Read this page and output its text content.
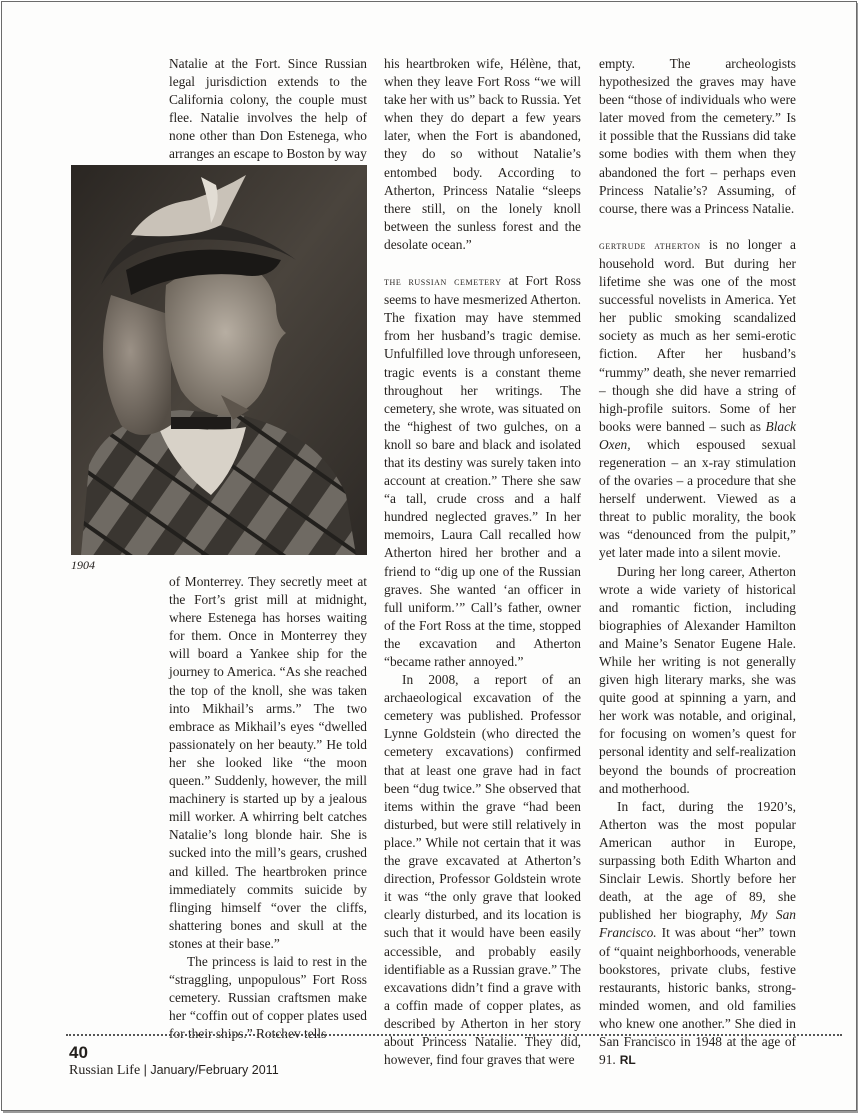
Natalie at the Fort. Since Russian legal jurisdiction extends to the California colony, the couple must flee. Natalie involves the help of none other than Don Estenega, who arranges an escape to Boston by way

1904

of Monterrey. They secretly meet at the Fort’s grist mill at midnight, where Estenega has horses waiting for them. Once in Monterrey they will board a Yankee ship for the journey to America. “As she reached the top of the knoll, she was taken into Mikhail’s arms.” The two embrace as Mikhail’s eyes “dwelled passionately on her beauty.” He told her she looked like “the moon queen.” Suddenly, however, the mill machinery is started up by a jealous mill worker. A whirring belt catches Natalie’s long blonde hair. She is sucked into the mill’s gears, crushed and killed. The heartbroken prince immediately commits suicide by flinging himself “over the cliffs, shattering bones and skull at the stones at their base.”

The princess is laid to rest in the “straggling, unpopulous” Fort Ross cemetery. Russian craftsmen make her “coffin out of copper plates used for their ships.” Rotchev tells

his heartbroken wife, Hélène, that, when they leave Fort Ross “we will take her with us” back to Russia. Yet when they do depart a few years later, when the Fort is abandoned, they do so without Natalie’s entombed body. According to Atherton, Princess Natalie “sleeps there still, on the lonely knoll between the sunless forest and the desolate ocean.”

the russian cemetery at Fort Ross seems to have mesmerized Atherton. The fixation may have stemmed from her husband’s tragic demise. Unfulfilled love through unforeseen, tragic events is a constant theme throughout her writings. The cemetery, she wrote, was situated on the “highest of two gulches, on a knoll so bare and black and isolated that its destiny was surely taken into account at creation.” There she saw “a tall, crude cross and a half hundred neglected graves.” In her memoirs, Laura Call recalled how Atherton hired her brother and a friend to “dig up one of the Russian graves. She wanted ‘an officer in full uniform.’” Call’s father, owner of the Fort Ross at the time, stopped the excavation and Atherton “became rather annoyed.”

In 2008, a report of an archaeological excavation of the cemetery was published. Professor Lynne Goldstein (who directed the cemetery excavations) confirmed that at least one grave had in fact been “dug twice.” She observed that items within the grave “had been disturbed, but were still relatively in place.” While not certain that it was the grave excavated at Atherton’s direction, Professor Goldstein wrote it was “the only grave that looked clearly disturbed, and its location is such that it would have been easily accessible, and probably easily identifiable as a Russian grave.” The excavations didn’t find a grave with a coffin made of copper plates, as described by Atherton in her story about Princess Natalie. They did, however, find four graves that were

empty. The archeologists hypothesized the graves may have been “those of individuals who were later moved from the cemetery.” Is it possible that the Russians did take some bodies with them when they abandoned the fort – perhaps even Princess Natalie’s? Assuming, of course, there was a Princess Natalie.

gertrude atherton is no longer a household word. But during her lifetime she was one of the most successful novelists in America. Yet her public smoking scandalized society as much as her semi-erotic fiction. After her husband’s “rummy” death, she never remarried – though she did have a string of high-profile suitors. Some of her books were banned – such as Black Oxen, which espoused sexual regeneration – an x-ray stimulation of the ovaries – a procedure that she herself underwent. Viewed as a threat to public morality, the book was “denounced from the pulpit,” yet later made into a silent movie.

During her long career, Atherton wrote a wide variety of historical and romantic fiction, including biographies of Alexander Hamilton and Maine’s Senator Eugene Hale. While her writing is not generally given high literary marks, she was quite good at spinning a yarn, and her work was notable, and original, for focusing on women’s quest for personal identity and self-realization beyond the bounds of procreation and motherhood.

In fact, during the 1920’s, Atherton was the most popular American author in Europe, surpassing both Edith Wharton and Sinclair Lewis. Shortly before her death, at the age of 89, she published her biography, My San Francisco. It was about “her” town of “quaint neighborhoods, venerable bookstores, private clubs, festive restaurants, historic banks, strong-minded women, and old families who knew one another.” She died in San Francisco in 1948 at the age of 91. RL

40
Russian Life | January/February 2011
